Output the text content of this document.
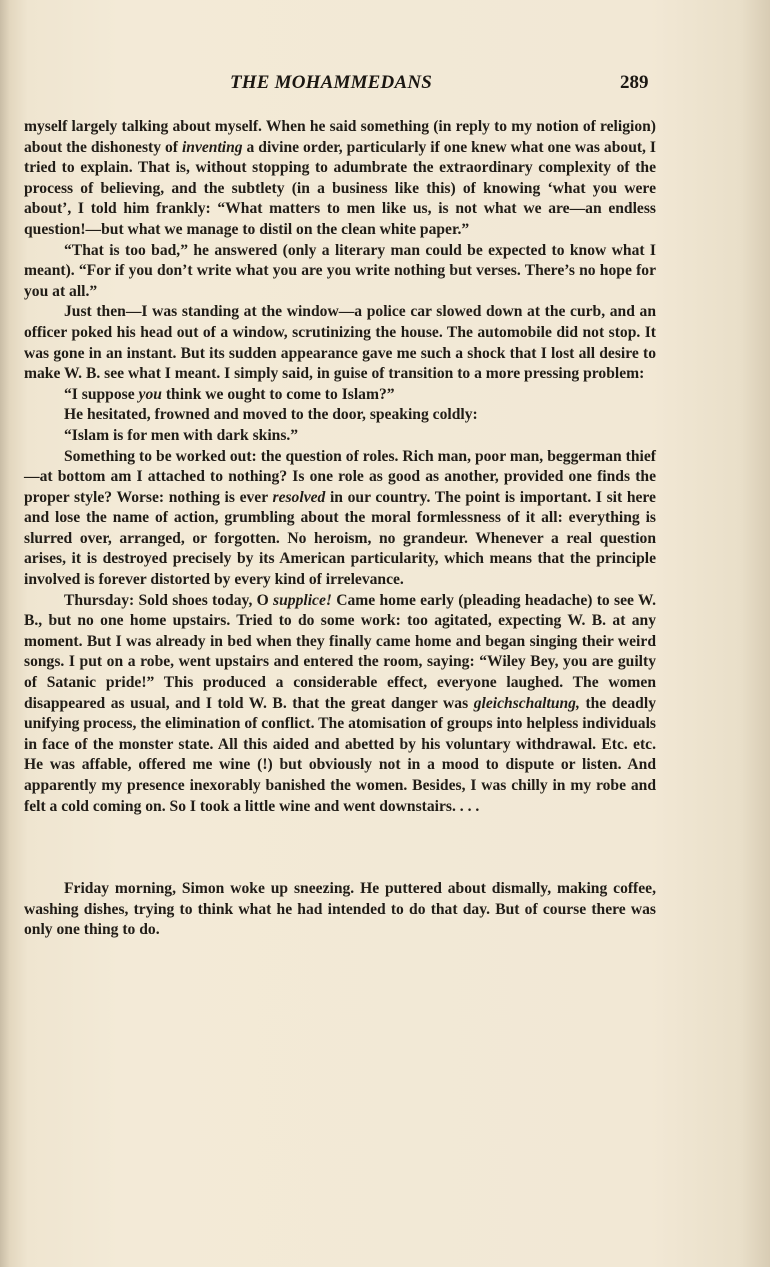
THE MOHAMMEDANS	289

myself largely talking about myself. When he said something (in reply to my notion of religion) about the dishonesty of inventing a divine order, particularly if one knew what one was about, I tried to explain. That is, without stopping to adumbrate the extraordinary complexity of the process of believing, and the subtlety (in a business like this) of knowing ‘what you were about’, I told him frankly: “What matters to men like us, is not what we are—an endless question!—but what we manage to distil on the clean white paper.”

“That is too bad,” he answered (only a literary man could be expected to know what I meant). “For if you don’t write what you are you write nothing but verses. There’s no hope for you at all.”

Just then—I was standing at the window—a police car slowed down at the curb, and an officer poked his head out of a window, scrutinizing the house. The automobile did not stop. It was gone in an instant. But its sudden appearance gave me such a shock that I lost all desire to make W. B. see what I meant. I simply said, in guise of transition to a more pressing problem:

“I suppose you think we ought to come to Islam?”

He hesitated, frowned and moved to the door, speaking coldly:

“Islam is for men with dark skins.”

Something to be worked out: the question of roles. Rich man, poor man, beggerman thief—at bottom am I attached to nothing? Is one role as good as another, provided one finds the proper style? Worse: nothing is ever resolved in our country. The point is important. I sit here and lose the name of action, grumbling about the moral formlessness of it all: everything is slurred over, arranged, or forgotten. No heroism, no grandeur. Whenever a real question arises, it is destroyed precisely by its American particularity, which means that the principle involved is forever distorted by every kind of irrelevance.

Thursday: Sold shoes today, O supplice! Came home early (pleading headache) to see W. B., but no one home upstairs. Tried to do some work: too agitated, expecting W. B. at any moment. But I was already in bed when they finally came home and began singing their weird songs. I put on a robe, went upstairs and entered the room, saying: “Wiley Bey, you are guilty of Satanic pride!” This produced a considerable effect, everyone laughed. The women disappeared as usual, and I told W. B. that the great danger was gleichschaltung, the deadly unifying process, the elimination of conflict. The atomisation of groups into helpless individuals in face of the monster state. All this aided and abetted by his voluntary withdrawal. Etc. etc. He was affable, offered me wine (!) but obviously not in a mood to dispute or listen. And apparently my presence inexorably banished the women. Besides, I was chilly in my robe and felt a cold coming on. So I took a little wine and went downstairs. . . .

Friday morning, Simon woke up sneezing. He puttered about dismally, making coffee, washing dishes, trying to think what he had intended to do that day. But of course there was only one thing to do.
